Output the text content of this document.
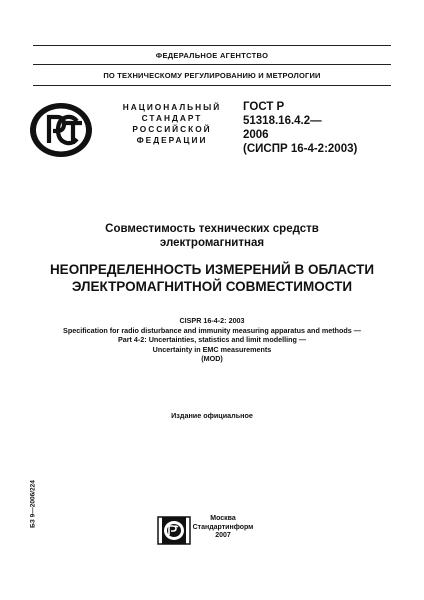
ФЕДЕРАЛЬНОЕ АГЕНТСТВО
ПО ТЕХНИЧЕСКОМУ РЕГУЛИРОВАНИЮ И МЕТРОЛОГИИ
НАЦИОНАЛЬНЫЙ
СТАНДАРТ
РОССИЙСКОЙ
ФЕДЕРАЦИИ
ГОСТ Р
51318.16.4.2—
2006
(СИСПР 16-4-2:2003)
Совместимость технических средств
электромагнитная
НЕОПРЕДЕЛЕННОСТЬ ИЗМЕРЕНИЙ В ОБЛАСТИ
ЭЛЕКТРОМАГНИТНОЙ СОВМЕСТИМОСТИ
CISPR 16-4-2: 2003
Specification for radio disturbance and immunity measuring apparatus and methods —
Part 4-2: Uncertainties, statistics and limit modelling —
Uncertainty in EMC measurements
(MOD)
Издание официальное
БЗ 9—2006/224	Москва
Стандартинформ
2007
